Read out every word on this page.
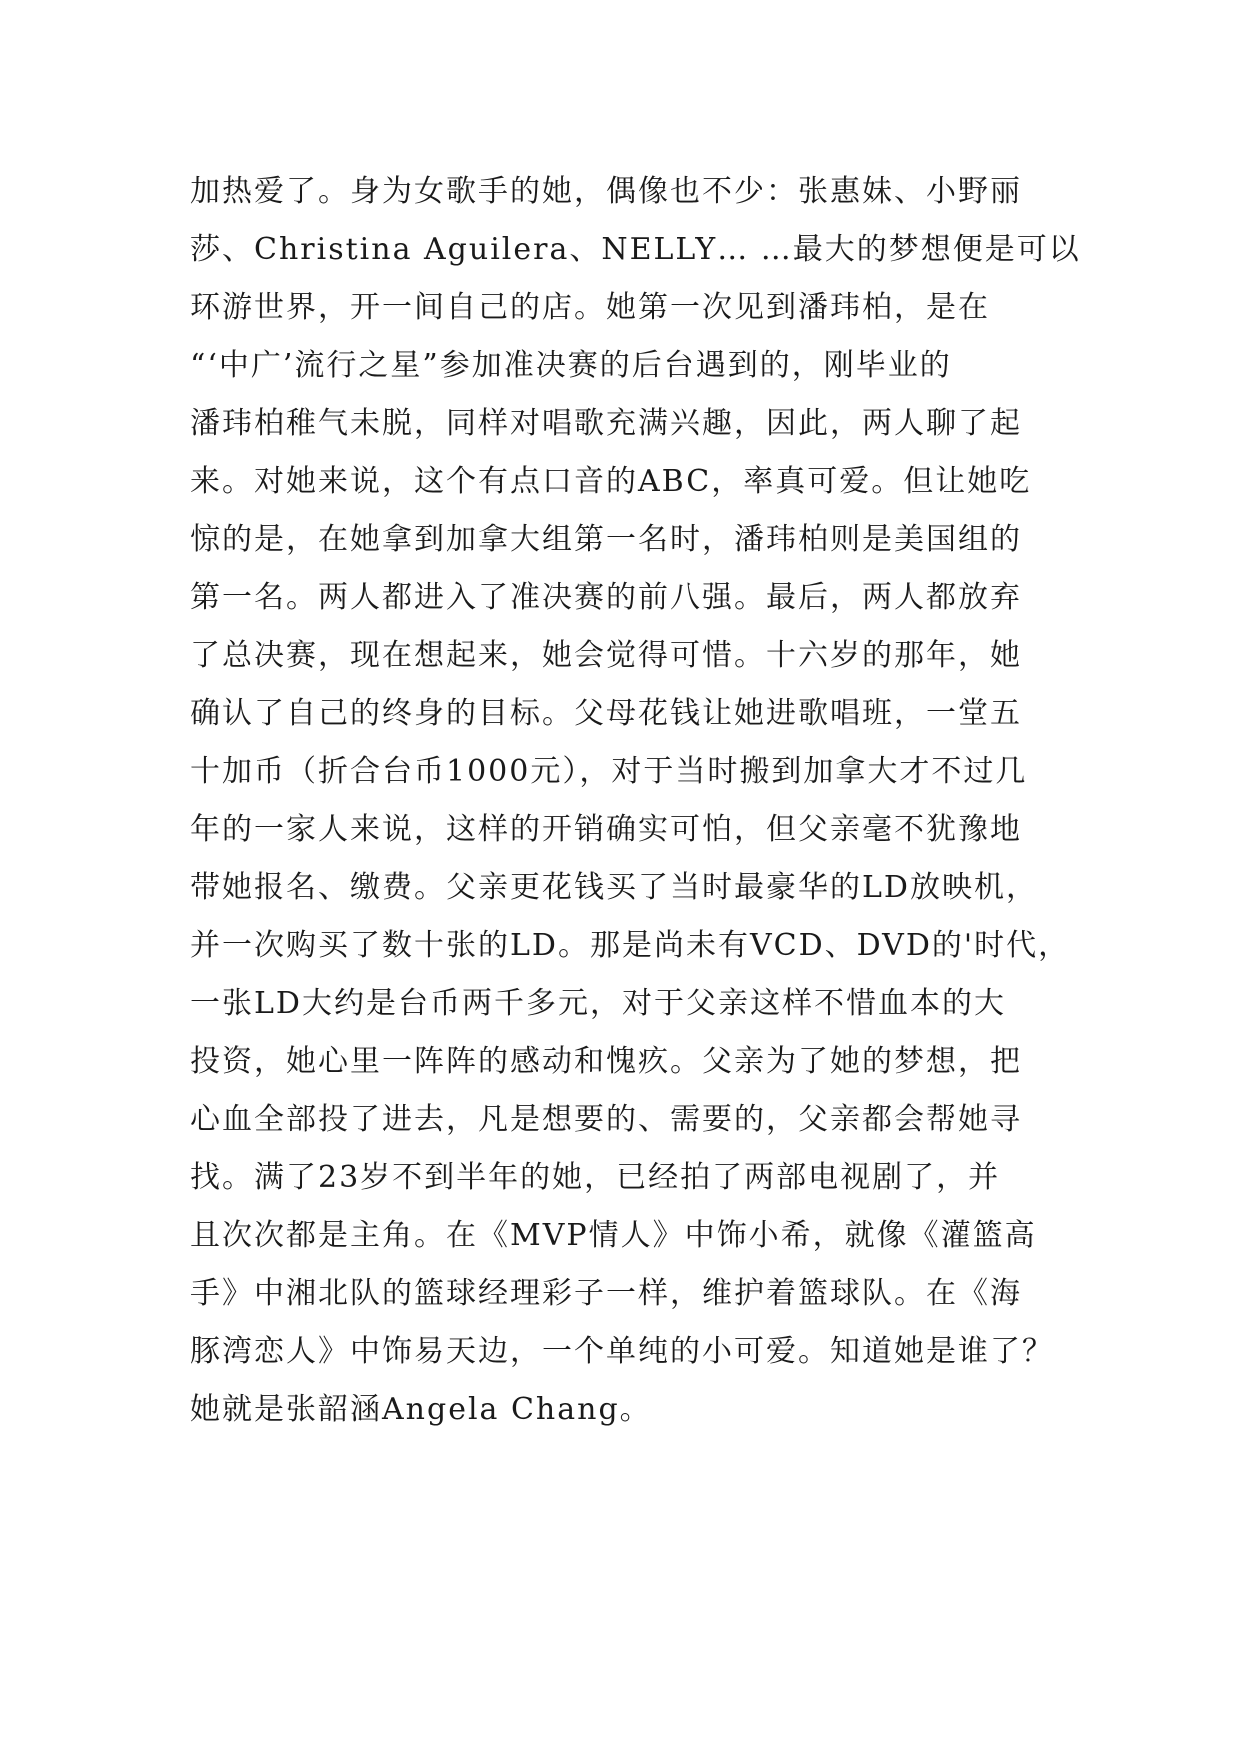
加热爱了。身为女歌手的她，偶像也不少：张惠妹、小野丽
莎、Christina Aguilera、NELLY… …最大的梦想便是可以
环游世界，开一间自己的店。她第一次见到潘玮柏，是在
“‘中广’流行之星”参加准决赛的后台遇到的，刚毕业的
潘玮柏稚气未脱，同样对唱歌充满兴趣，因此，两人聊了起
来。对她来说，这个有点口音的ABC，率真可爱。但让她吃
惊的是，在她拿到加拿大组第一名时，潘玮柏则是美国组的
第一名。两人都进入了准决赛的前八强。最后，两人都放弃
了总决赛，现在想起来，她会觉得可惜。十六岁的那年，她
确认了自己的终身的目标。父母花钱让她进歌唱班，一堂五
十加币（折合台币1000元），对于当时搬到加拿大才不过几
年的一家人来说，这样的开销确实可怕，但父亲毫不犹豫地
带她报名、缴费。父亲更花钱买了当时最豪华的LD放映机，
并一次购买了数十张的LD。那是尚未有VCD、DVD的'时代，
一张LD大约是台币两千多元，对于父亲这样不惜血本的大
投资，她心里一阵阵的感动和愧疚。父亲为了她的梦想，把
心血全部投了进去，凡是想要的、需要的，父亲都会帮她寻
找。满了23岁不到半年的她，已经拍了两部电视剧了，并
且次次都是主角。在《MVP情人》中饰小希，就像《灌篮高
手》中湘北队的篮球经理彩子一样，维护着篮球队。在《海
豚湾恋人》中饰易天边，一个单纯的小可爱。知道她是谁了？
她就是张韶涵Angela Chang。
